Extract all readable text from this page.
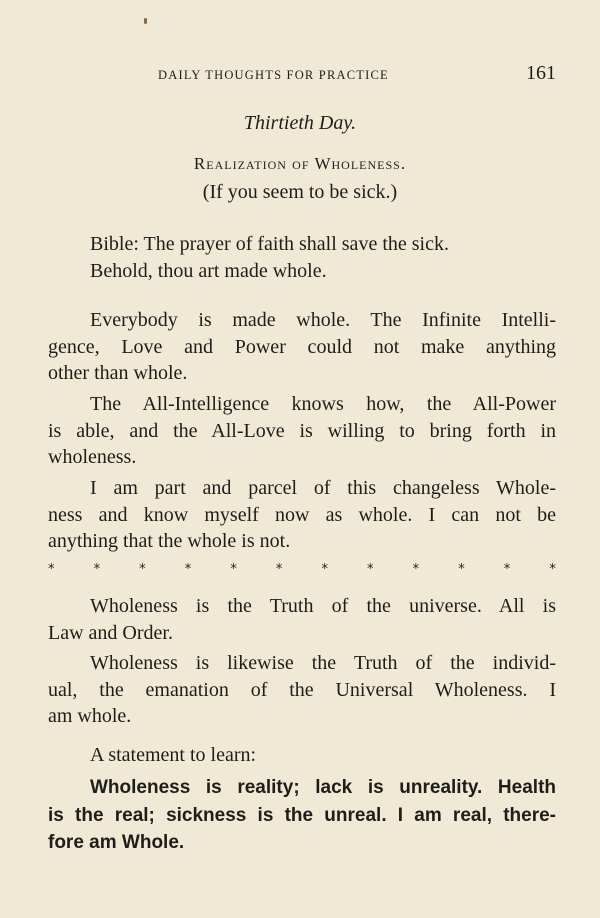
DAILY THOUGHTS FOR PRACTICE	161
Thirtieth Day.
Realization of Wholeness.
(If you seem to be sick.)

Bible: The prayer of faith shall save the sick.
Behold, thou art made whole.

Everybody is made whole. The Infinite Intelli-
gence, Love and Power could not make anything
other than whole.

The All-Intelligence knows how, the All-Power
is able, and the All-Love is willing to bring forth in
wholeness.

I am part and parcel of this changeless Whole-
ness and know myself now as whole. I can not be
anything that the whole is not.

*	*	*	*	*	*	*	*	*	*	*	*

Wholeness is the Truth of the universe. All is
Law and Order.

Wholeness is likewise the Truth of the individ-
ual, the emanation of the Universal Wholeness. I
am whole.

A statement to learn:

Wholeness is reality; lack is unreality. Health
is the real; sickness is the unreal. I am real, there-
fore am Whole.
